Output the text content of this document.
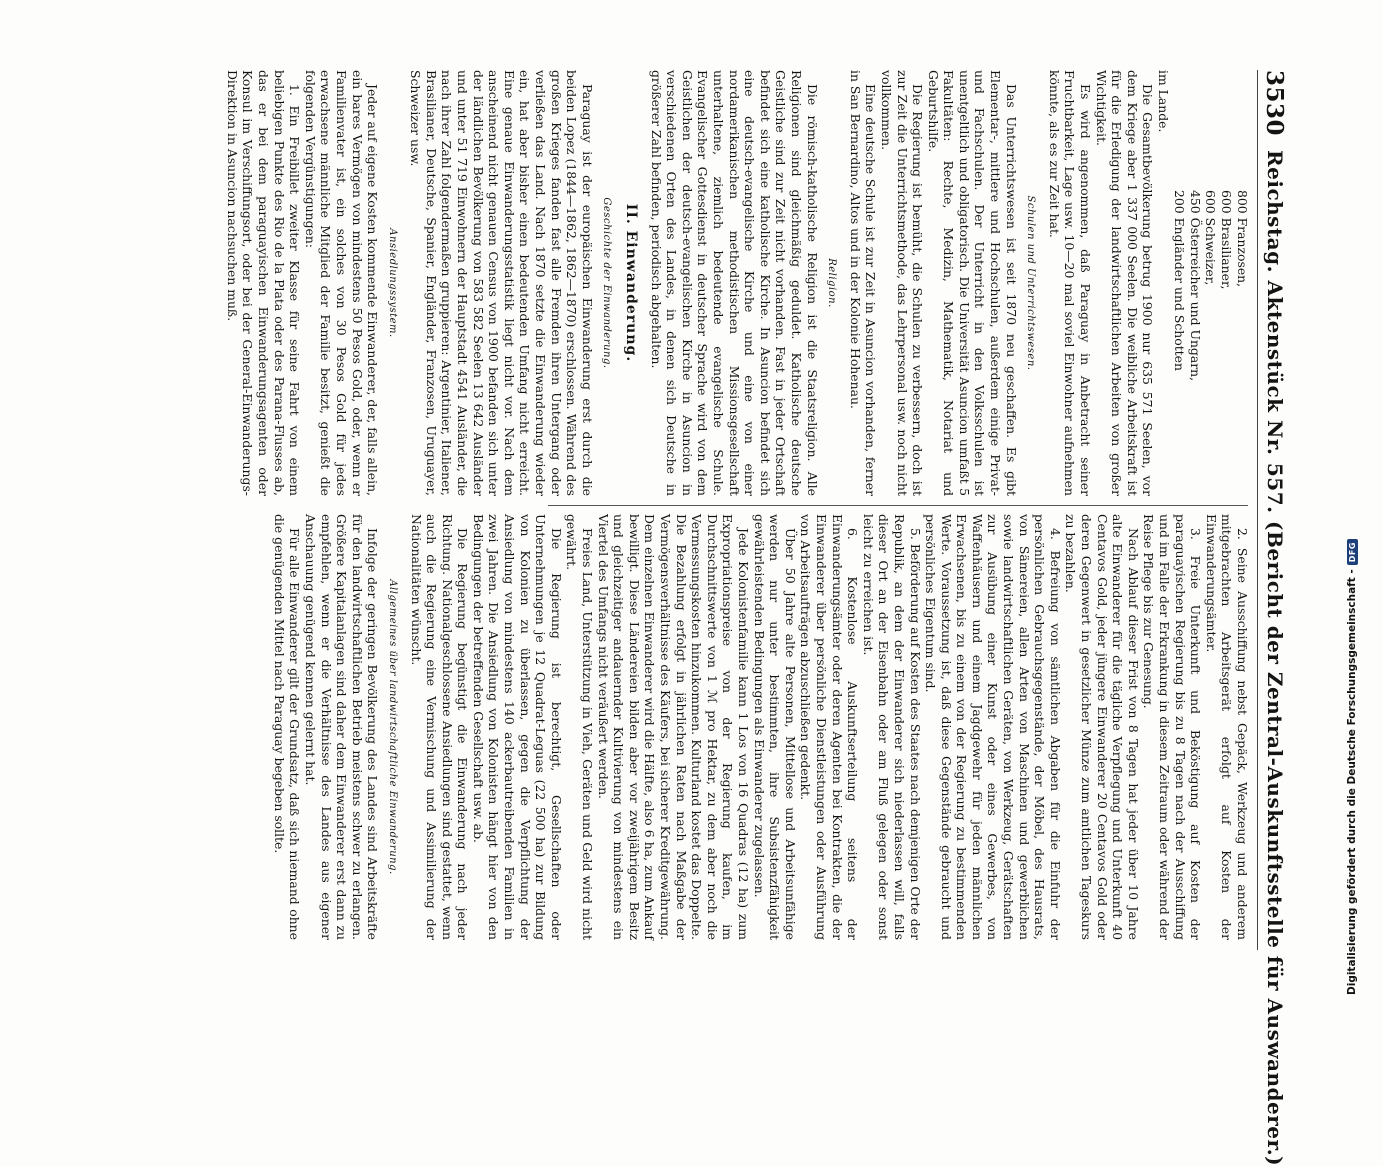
3530
Reichstag. Aktenstück Nr. 557. (Bericht der Zentral-Auskunftsstelle für Auswanderer.)
800 Franzosen,
600 Brasilianer,
600 Schweizer,
450 Österreicher und Ungarn,
200 Engländer und Schotten

im Lande.

Die Gesamtbevölkerung betrug 1900 nur 635 571 Seelen, vor dem Kriege aber 1 337 000 Seelen. Die weibliche Arbeitskraft ist für die Erledigung der landwirtschaftlichen Arbeiten von großer Wichtigkeit.

Es wird angenommen, daß Paraguay in Anbetracht seiner Fruchtbarkeit, Lage usw. 10—20 mal soviel Einwohner aufnehmen könnte, als es zur Zeit hat.

Schulen und Unterrichtswesen.

Das Unterrichtswesen ist seit 1870 neu geschaffen. Es gibt Elementar-, mittlere und Hochschulen, außerdem einige Privat- und Fachschulen. Der Unterricht in den Volksschulen ist unentgeltlich und obligatorisch. Die Universität Asuncion umfaßt 5 Fakultäten: Rechte, Medizin, Mathematik, Notariat und Geburtshilfe.

Die Regierung ist bemüht, die Schulen zu verbessern, doch ist zur Zeit die Unterrichtsmethode, das Lehrpersonal usw. noch nicht vollkommen.

Eine deutsche Schule ist zur Zeit in Asuncion vorhanden, ferner in San Bernardino, Altos und in der Kolonie Hohenau.

Religion.

Die römisch-katholische Religion ist die Staatsreligion. Alle Religionen sind gleichmäßig geduldet. Katholische deutsche Geistliche sind zur Zeit nicht vorhanden. Fast in jeder Ortschaft befindet sich eine katholische Kirche. In Asuncion befindet sich eine deutsch-evangelische Kirche und eine von einer nordamerikanischen methodistischen Missionsgesellschaft unterhaltene, ziemlich bedeutende evangelische Schule. Evangelischer Gottesdienst in deutscher Sprache wird von dem Geistlichen der deutsch-evangelischen Kirche in Asuncion in verschiedenen Orten des Landes, in denen sich Deutsche in größerer Zahl befinden, periodisch abgehalten.

II. Einwanderung.
Geschichte der Einwanderung.

Paraguay ist der europäischen Einwanderung erst durch die beiden Lopez (1844—1862, 1862—1870) erschlossen. Während des großen Krieges fanden fast alle Fremden ihren Untergang oder verließen das Land. Nach 1870 setzte die Einwanderung wieder ein, hat aber bisher einen bedeutenden Umfang nicht erreicht. Eine genaue Einwanderungsstatistik liegt nicht vor. Nach dem anscheinend nicht genauen Census von 1900 befanden sich unter der ländlichen Bevölkerung von 583 582 Seelen 13 642 Ausländer und unter 51 719 Einwohnern der Hauptstadt 4541 Ausländer, die nach ihrer Zahl folgendermaßen gruppieren: Argentinier, Italiener, Brasilianer, Deutsche, Spanier, Engländer, Franzosen, Uruguayer, Schweizer usw.

Ansiedlungssystem.

Jeder auf eigene Kosten kommende Einwanderer, der, falls allein, ein bares Vermögen von mindestens 50 Pesos Gold, oder, wenn er Familienvater ist, ein solches von 30 Pesos Gold für jedes erwachsene männliche Mitglied der Familie besitzt, genießt die folgenden Vergünstigungen:

1. Ein Freibillet zweiter Klasse für seine Fahrt von einem beliebigen Punkte des Rio de la Plata oder des Parana-Flusses ab, das er bei dem paraguayischen Einwanderungsagenten oder Konsul im Verschiffungsort, oder bei der General-Einwanderungs-Direktion in Asuncion nachsuchen muß.

2. Seine Ausschiffung nebst Gepäck, Werkzeug und anderem mitgebrachten Arbeitsgerät erfolgt auf Kosten der Einwanderungsämter.

3. Freie Unterkunft und Beköstigung auf Kosten der paraguayischen Regierung bis zu 8 Tagen nach der Ausschiffung und im Falle der Erkrankung in diesem Zeitraum oder während der Reise Pflege bis zur Genesung.

Nach Ablauf dieser Frist von 8 Tagen hat jeder über 10 Jahre alte Einwanderer für die tägliche Verpflegung und Unterkunft 40 Centavos Gold, jeder jüngere Einwanderer 20 Centavos Gold oder deren Gegenwert in gesetzlicher Münze zum amtlichen Tageskurs zu bezahlen.

4. Befreiung von sämtlichen Abgaben für die Einfuhr der persönlichen Gebrauchsgegenstände, der Möbel, des Hausrats, von Sämereien, allen Arten von Maschinen und gewerblichen sowie landwirtschaftlichen Geräten, von Werkzeug, Gerätschaften zur Ausübung einer Kunst oder eines Gewerbes, von Waffenhäusern und einem Jagdgewehr für jeden männlichen Erwachsenen, bis zu einem von der Regierung zu bestimmenden Werte. Voraussetzung ist, daß diese Gegenstände gebraucht und persönliches Eigentum sind.

5. Beförderung auf Kosten des Staates nach demjenigen Orte der Republik, an dem der Einwanderer sich niederlassen will, falls dieser Ort an der Eisenbahn oder am Fluß gelegen oder sonst leicht zu erreichen ist.

6. Kostenlose Auskunftserteilung seitens der Einwanderungsämter oder deren Agenten bei Kontrakten, die der Einwanderer über persönliche Dienstleistungen oder Ausführung von Arbeitsaufträgen abzuschließen gedenkt.

Über 50 Jahre alte Personen, Mittellose und Arbeitsunfähige werden nur unter bestimmten, ihre Subsistenzfähigkeit gewährleistenden Bedingungen als Einwanderer zugelassen.

Jede Kolonistenfamilie kann 1 Los von 16 Quadras (12 ha) zum Expropriationspreise von der Regierung kaufen, im Durchschnittswerte von 1 ℳ pro Hektar, zu dem aber noch die Vermessungskosten hinzukommen. Kulturland kostet das Doppelte. Die Bezahlung erfolgt in jährlichen Raten nach Maßgabe der Vermögensverhältnisse des Käufers, bei sicherer Kreditgewährung. Dem einzelnen Einwanderer wird die Hälfte, also 6 ha, zum Ankauf bewilligt. Diese Ländereien bilden aber vor zweijährigem Besitz und gleichzeitiger andauernder Kultivierung von mindestens ein Viertel des Umfangs nicht veräußert werden.

Freies Land, Unterstützung in Vieh, Geräten und Geld wird nicht gewährt.

Die Regierung ist berechtigt, Gesellschaften oder Unternehmungen je 12 Quadrat-Leguas (22 500 ha) zur Bildung von Kolonien zu überlassen, gegen die Verpflichtung der Ansiedlung von mindestens 140 ackerbautreibenden Familien in zwei Jahren. Die Ansiedlung von Kolonisten hängt hier von den Bedingungen der betreffenden Gesellschaft usw. ab.

Die Regierung begünstigt die Einwanderung nach jeder Richtung. Nationalgeschlossene Ansiedlungen sind gestattet, wenn auch die Regierung eine Vermischung und Assimilierung der Nationalitäten wünscht.

Allgemeines über landwirtschaftliche Einwanderung.

Infolge der geringen Bevölkerung des Landes sind Arbeitskräfte für den landwirtschaftlichen Betrieb meistens schwer zu erlangen. Größere Kapitalanlagen sind daher dem Einwanderer erst dann zu empfehlen, wenn er die Verhältnisse des Landes aus eigener Anschauung genügend kennen gelernt hat.

Für alle Einwanderer gilt der Grundsatz, daß sich niemand ohne die genügenden Mittel nach Paraguay begeben sollte.	Digitalisierung gefördert durch die Deutsche Forschungsgemeinschaft -
DFG
